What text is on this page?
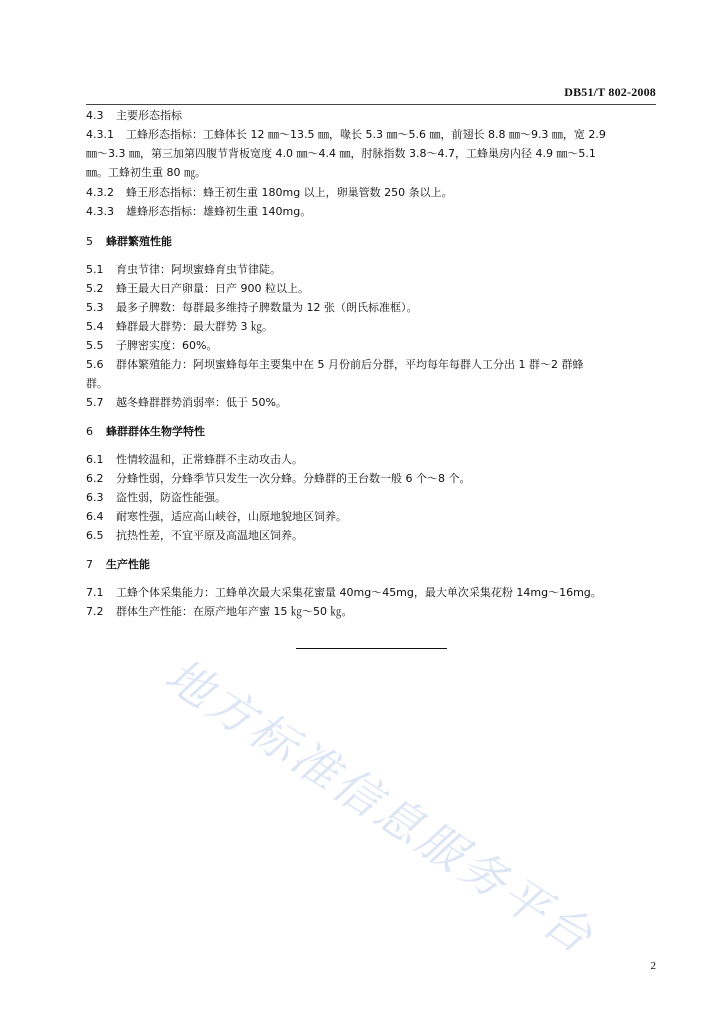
DB51/T 802-2008
4.3 主要形态指标
4.3.1 工蜂形态指标：工蜂体长 12 ㎜～13.5 ㎜，喙长 5.3 ㎜～5.6 ㎜，前翅长 8.8 ㎜～9.3 ㎜，宽 2.9
㎜～3.3 ㎜，第三加第四腹节背板宽度 4.0 ㎜～4.4 ㎜，肘脉指数 3.8～4.7，工蜂巢房内径 4.9 ㎜～5.1
㎜。工蜂初生重 80 ㎎。
4.3.2 蜂王形态指标：蜂王初生重 180mg 以上，卵巢管数 250 条以上。
4.3.3 雄蜂形态指标：雄蜂初生重 140mg。
5 蜂群繁殖性能
5.1 育虫节律：阿坝蜜蜂育虫节律陡。
5.2 蜂王最大日产卵量：日产 900 粒以上。
5.3 最多子脾数：每群最多维持子脾数量为 12 张（朗氏标准框）。
5.4 蜂群最大群势：最大群势 3 ㎏。
5.5 子脾密实度：60%。
5.6 群体繁殖能力：阿坝蜜蜂每年主要集中在 5 月份前后分群，平均每年每群人工分出 1 群～2 群蜂
群。
5.7 越冬蜂群群势消弱率：低于 50%。
6 蜂群群体生物学特性
6.1 性情较温和，正常蜂群不主动攻击人。
6.2 分蜂性弱，分蜂季节只发生一次分蜂。分蜂群的王台数一般 6 个～8 个。
6.3 盗性弱，防盗性能强。
6.4 耐寒性强，适应高山峡谷，山原地貌地区饲养。
6.5 抗热性差，不宜平原及高温地区饲养。
7 生产性能
7.1 工蜂个体采集能力：工蜂单次最大采集花蜜量 40mg～45mg，最大单次采集花粉 14mg～16mg。
7.2 群体生产性能：在原产地年产蜜 15 ㎏～50 ㎏。
地方标准信息服务平台
2
